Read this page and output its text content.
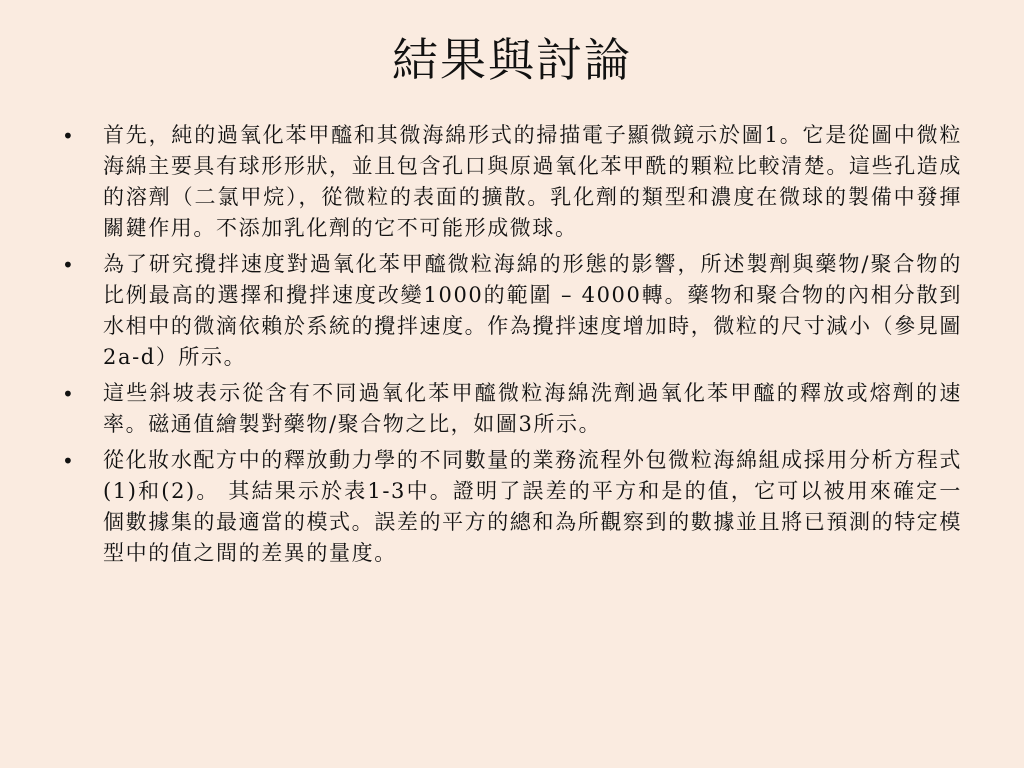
結果與討論
• 首先，純的過氧化苯甲醯和其微海綿形式的掃描電子顯微鏡示於圖1。它是從圖中微粒海綿主要具有球形形狀，並且包含孔口與原過氧化苯甲酰的顆粒比較清楚。這些孔造成的溶劑（二氯甲烷），從微粒的表面的擴散。乳化劑的類型和濃度在微球的製備中發揮關鍵作用。不添加乳化劑的它不可能形成微球。
• 為了研究攪拌速度對過氧化苯甲醯微粒海綿的形態的影響，所述製劑與藥物/聚合物的比例最高的選擇和攪拌速度改變1000的範圍 – 4000轉。藥物和聚合物的內相分散到水相中的微滴依賴於系統的攪拌速度。作為攪拌速度增加時，微粒的尺寸減小（參見圖2a-d）所示。
• 這些斜坡表示從含有不同過氧化苯甲醯微粒海綿洗劑過氧化苯甲醯的釋放或熔劑的速率。磁通值繪製對藥物/聚合物之比，如圖3所示。
• 從化妝水配方中的釋放動力學的不同數量的業務流程外包微粒海綿組成採用分析方程式(1)和(2)。 其結果示於表1-3中。證明了誤差的平方和是的值，它可以被用來確定一個數據集的最適當的模式。誤差的平方的總和為所觀察到的數據並且將已預測的特定模型中的值之間的差異的量度。
